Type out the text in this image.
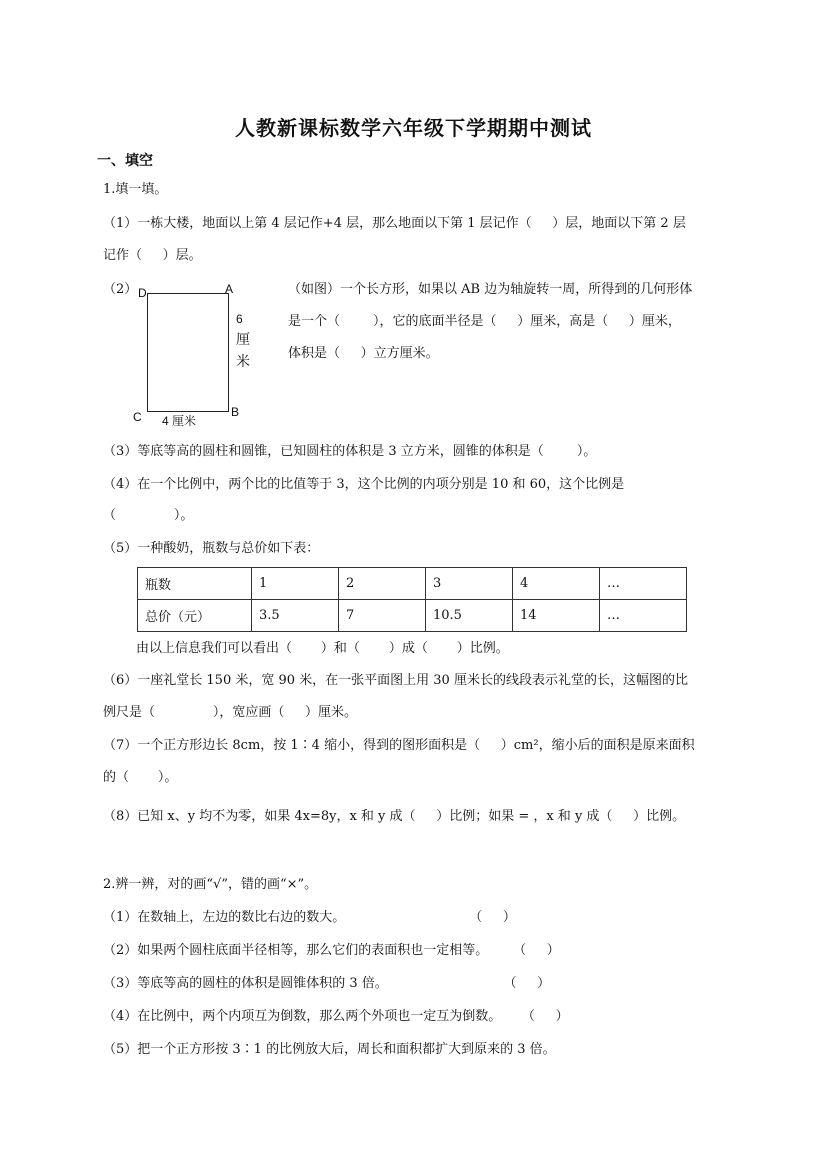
人教新课标数学六年级下学期期中测试
一、填空
1.填一填。
（1）一栋大楼，地面以上第 4 层记作+4 层，那么地面以下第 1 层记作（     ）层，地面以下第 2 层
记作（     ）层。
（2） D	A
B
C
6
厘
米
4 厘米
（如图）一个长方形，如果以 AB 边为轴旋转一周，所得到的几何形体
是一个（        ），它的底面半径是（     ）厘米，高是（     ）厘米，
体积是（     ）立方厘米。
（3）等底等高的圆柱和圆锥，已知圆柱的体积是 3 立方米，圆锥的体积是（        ）。
（4）在一个比例中，两个比的比值等于 3，这个比例的内项分别是 10 和 60，这个比例是
（              ）。
（5）一种酸奶，瓶数与总价如下表：
瓶数	1	2	3	4	…
总价（元）	3.5	7	10.5	14	…
由以上信息我们可以看出（       ）和（       ）成（       ）比例。
（6）一座礼堂长 150 米，宽 90 米，在一张平面图上用 30 厘米长的线段表示礼堂的长，这幅图的比
例尺是（              ），宽应画（     ）厘米。
（7）一个正方形边长 8cm，按 1∶4 缩小，得到的图形面积是（     ）cm²，缩小后的面积是原来面积
的（       ）。
（8）已知 x、y 均不为零，如果 4x=8y，x 和 y 成（     ）比例；如果 = ，x 和 y 成（     ）比例。
2.辨一辨，对的画“√”，错的画“×”。
（1）在数轴上，左边的数比右边的数大。                              （     ）
（2）如果两个圆柱底面半径相等，那么它们的表面积也一定相等。      （     ）
（3）等底等高的圆柱的体积是圆锥体积的 3 倍。                            （     ）
（4）在比例中，两个内项互为倒数，那么两个外项也一定互为倒数。     （     ）
（5）把一个正方形按 3∶1 的比例放大后，周长和面积都扩大到原来的 3 倍。
